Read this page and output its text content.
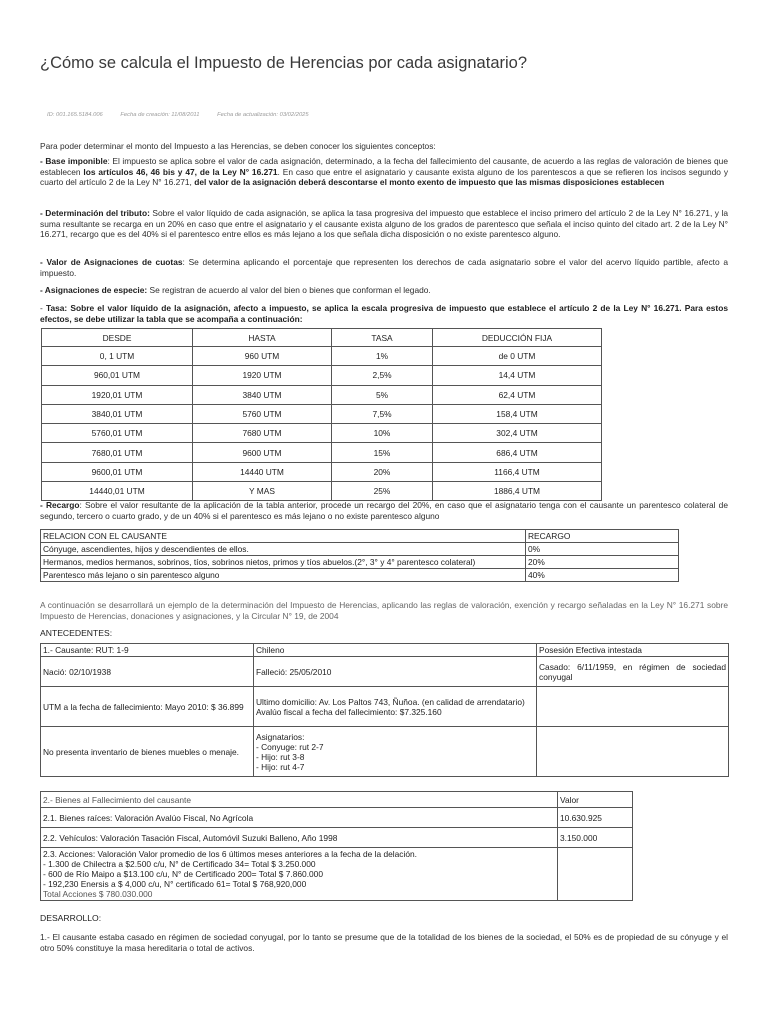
¿Cómo se calcula el Impuesto de Herencias por cada asignatario?
ID: 001.165.5184.006	Fecha de creación: 11/08/2011	Fecha de actualización: 03/02/2025

Para poder determinar el monto del Impuesto a las Herencias, se deben conocer los siguientes conceptos:

- Base imponible: El impuesto se aplica sobre el valor de cada asignación, determinado, a la fecha del fallecimiento del causante, de acuerdo a las reglas de valoración de bienes que establecen los artículos 46, 46 bis y 47, de la Ley N° 16.271. En caso que entre el asignatario y causante exista alguno de los parentescos a que se refieren los incisos segundo y cuarto del artículo 2 de la Ley N° 16.271, del valor de la asignación deberá descontarse el monto exento de impuesto que las mismas disposiciones establecen

- Determinación del tributo: Sobre el valor líquido de cada asignación, se aplica la tasa progresiva del impuesto que establece el inciso primero del artículo 2 de la Ley N° 16.271, y la suma resultante se recarga en un 20% en caso que entre el asignatario y el causante exista alguno de los grados de parentesco que señala el inciso quinto del citado art. 2 de la Ley N° 16.271, recargo que es del 40% si el parentesco entre ellos es más lejano a los que señala dicha disposición o no existe parentesco alguno.

- Valor de Asignaciones de cuotas: Se determina aplicando el porcentaje que representen los derechos de cada asignatario sobre el valor del acervo líquido partible, afecto a impuesto.

- Asignaciones de especie: Se registran de acuerdo al valor del bien o bienes que conforman el legado.

- Tasa: Sobre el valor líquido de la asignación, afecto a impuesto, se aplica la escala progresiva de impuesto que establece el artículo 2 de la Ley N° 16.271. Para estos efectos, se debe utilizar la tabla que se acompaña a continuación:

DESDE	HASTA	TASA	DEDUCCIÓN FIJA
0, 1 UTM	960 UTM	1%	de 0 UTM
960,01 UTM	1920 UTM	2,5%	14,4 UTM
1920,01 UTM	3840 UTM	5%	62,4 UTM
3840,01 UTM	5760 UTM	7,5%	158,4 UTM
5760,01 UTM	7680 UTM	10%	302,4 UTM
7680,01 UTM	9600 UTM	15%	686,4 UTM
9600,01 UTM	14440 UTM	20%	1166,4 UTM
14440,01 UTM	Y MAS	25%	1886,4 UTM

- Recargo: Sobre el valor resultante de la aplicación de la tabla anterior, procede un recargo del 20%, en caso que el asignatario tenga con el causante un parentesco colateral de segundo, tercero o cuarto grado, y de un 40% si el parentesco es más lejano o no existe parentesco alguno

RELACION CON EL CAUSANTE	RECARGO
Cónyuge, ascendientes, hijos y descendientes de ellos.	0%
Hermanos, medios hermanos, sobrinos, tíos, sobrinos nietos, primos y tíos abuelos.(2°, 3° y 4° parentesco colateral)	20%
Parentesco más lejano o sin parentesco alguno	40%

A continuación se desarrollará un ejemplo de la determinación del Impuesto de Herencias, aplicando las reglas de valoración, exención y recargo señaladas en la Ley N° 16.271 sobre Impuesto de Herencias, donaciones y asignaciones, y la Circular N° 19, de 2004

ANTECEDENTES:
1.- Causante: RUT: 1-9	Chileno	Posesión Efectiva intestada
Nació: 02/10/1938	Falleció: 25/05/2010	Casado: 6/11/1959, en régimen de sociedad conyugal
UTM a la fecha de fallecimiento: Mayo 2010: $ 36.899	Ultimo domicilio: Av. Los Paltos 743, Ñuñoa. (en calidad de arrendatario)
Avalúo fiscal a fecha del fallecimiento: $7.325.160	

No presenta inventario de bienes muebles o menaje.	Asignatarios:
- Conyuge: rut 2-7
- Hijo: rut 3-8
- Hijo: rut 4-7	

2.- Bienes al Fallecimiento del causante	Valor
2.1. Bienes raíces: Valoración Avalúo Fiscal, No Agrícola	10.630.925
2.2. Vehículos: Valoración Tasación Fiscal, Automóvil Suzuki Balleno, Año 1998	3.150.000

2.3. Acciones: Valoración Valor promedio de los 6 últimos meses anteriores a la fecha de la delación.
- 1.300 de Chilectra a $2.500 c/u, N° de Certificado 34= Total $ 3.250.000
- 600 de Río Maipo a $13.100 c/u, N° de Certificado 200= Total $ 7.860.000
- 192,230 Enersis a $ 4,000 c/u, N° certificado 61= Total $ 768,920,000
Total Acciones $ 780.030.000	

DESARROLLO:

1.- El causante estaba casado en régimen de sociedad conyugal, por lo tanto se presume que de la totalidad de los bienes de la sociedad, el 50% es de propiedad de su cónyuge y el otro 50% constituye la masa hereditaria o total de activos.
